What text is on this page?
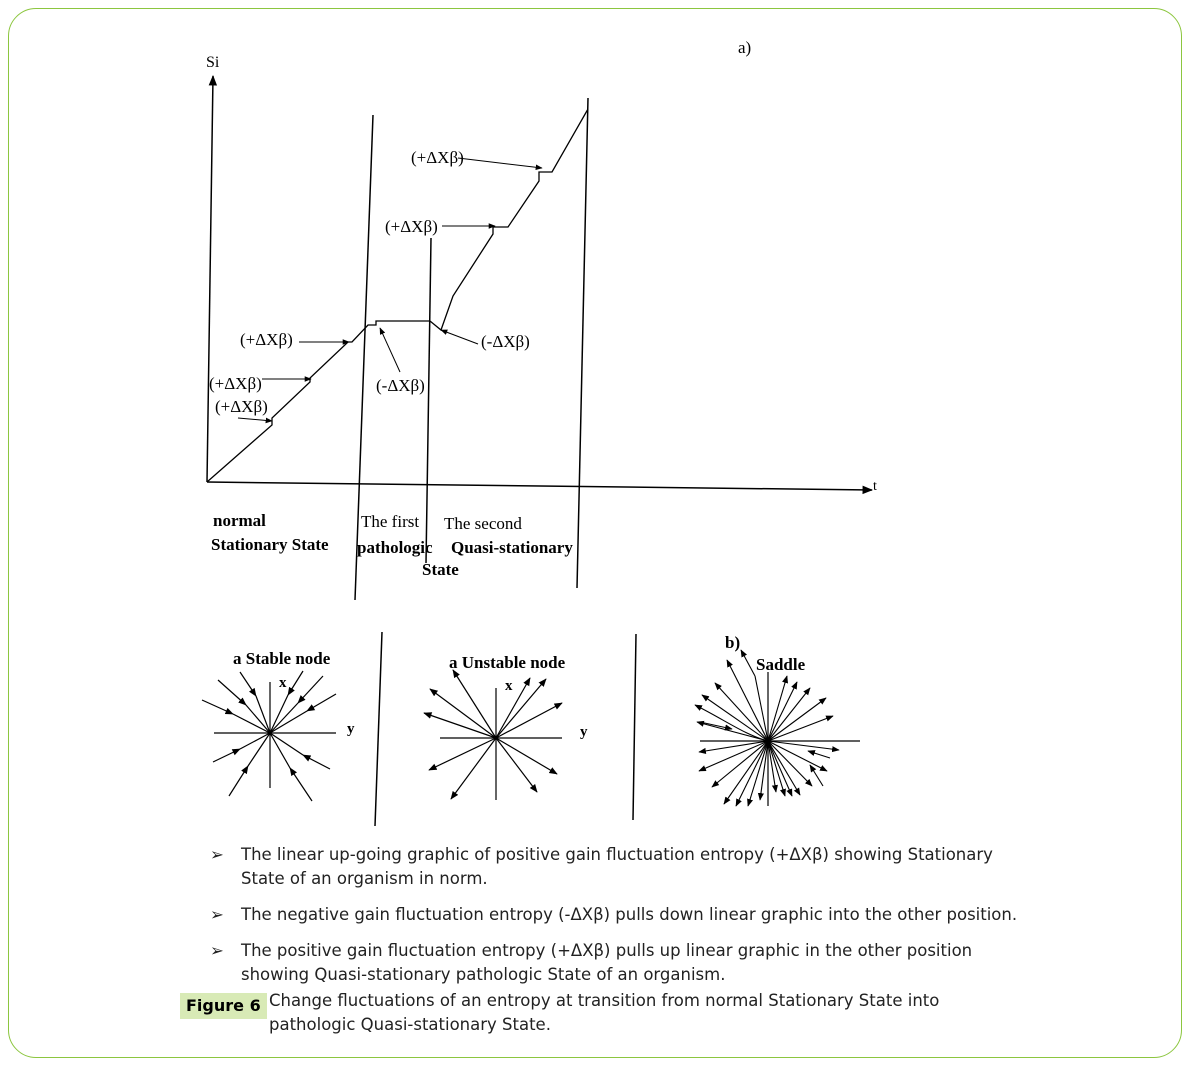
a)
Si
t
(+ΔXβ)
(+ΔXβ)
(+ΔXβ)
(+ΔXβ)
(+ΔXβ)
(-ΔXβ)
(-ΔXβ)
normal
Stationary State
The first
pathologic
The second
Quasi-stationary
State
b)
a Stable node
x
y
a Unstable node
x
y
Saddle
➢ The linear up-going graphic of positive gain fluctuation entropy (+ΔXβ) showing Stationary State of an organism in norm.
➢ The negative gain fluctuation entropy (-ΔXβ) pulls down linear graphic into the other position.
➢ The positive gain fluctuation entropy (+ΔXβ) pulls up linear graphic in the other position showing Quasi-stationary pathologic State of an organism.
Figure 6 Change fluctuations of an entropy at transition from normal Stationary State into pathologic Quasi-stationary State.
